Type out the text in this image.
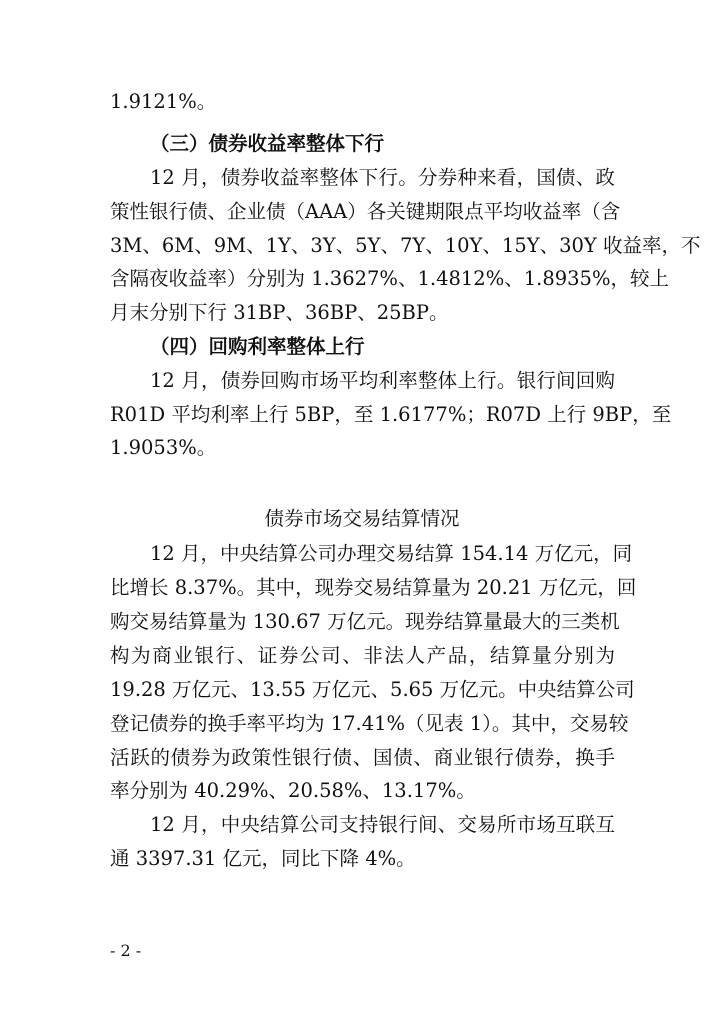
1.9121%。
（三）债券收益率整体下行
12 月，债券收益率整体下行。分券种来看，国债、政
策性银行债、企业债（AAA）各关键期限点平均收益率（含
3M、6M、9M、1Y、3Y、5Y、7Y、10Y、15Y、30Y 收益率，不
含隔夜收益率）分别为 1.3627%、1.4812%、1.8935%，较上
月末分别下行 31BP、36BP、25BP。
（四）回购利率整体上行
12 月，债券回购市场平均利率整体上行。银行间回购
R01D 平均利率上行 5BP，至 1.6177%；R07D 上行 9BP，至
1.9053%。
债券市场交易结算情况
12 月，中央结算公司办理交易结算 154.14 万亿元，同
比增长 8.37%。其中，现券交易结算量为 20.21 万亿元，回
购交易结算量为 130.67 万亿元。现券结算量最大的三类机
构为商业银行、证券公司、非法人产品，结算量分别为
19.28 万亿元、13.55 万亿元、5.65 万亿元。中央结算公司
登记债券的换手率平均为 17.41%（见表 1）。其中，交易较
活跃的债券为政策性银行债、国债、商业银行债券，换手
率分别为 40.29%、20.58%、13.17%。
12 月，中央结算公司支持银行间、交易所市场互联互
通 3397.31 亿元，同比下降 4%。
- 2 -
